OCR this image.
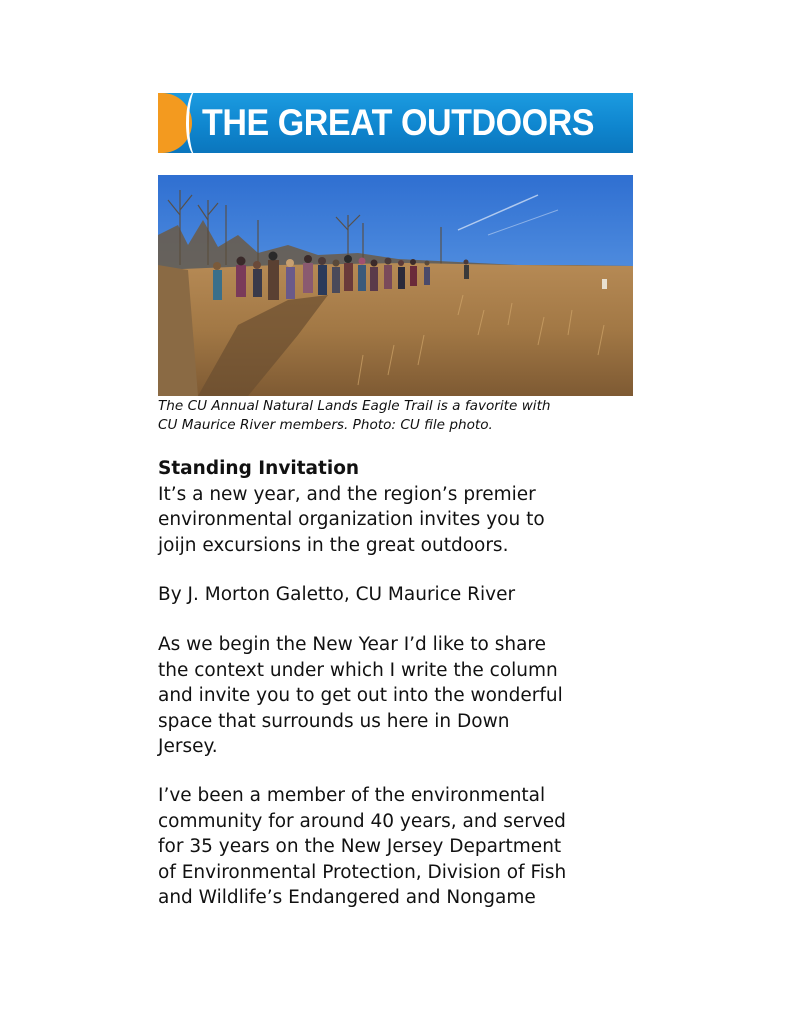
THE GREAT OUTDOORS
The CU Annual Natural Lands Eagle Trail is a favorite with
CU Maurice River members. Photo: CU file photo.
Standing Invitation
It’s a new year, and the region’s premier
environmental organization invites you to
joijn excursions in the great outdoors.
By J. Morton Galetto, CU Maurice River
As we begin the New Year I’d like to share
the context under which I write the column
and invite you to get out into the wonderful
space that surrounds us here in Down
Jersey.
I’ve been a member of the environmental
community for around 40 years, and served
for 35 years on the New Jersey Department
of Environmental Protection, Division of Fish
and Wildlife’s Endangered and Nongame
